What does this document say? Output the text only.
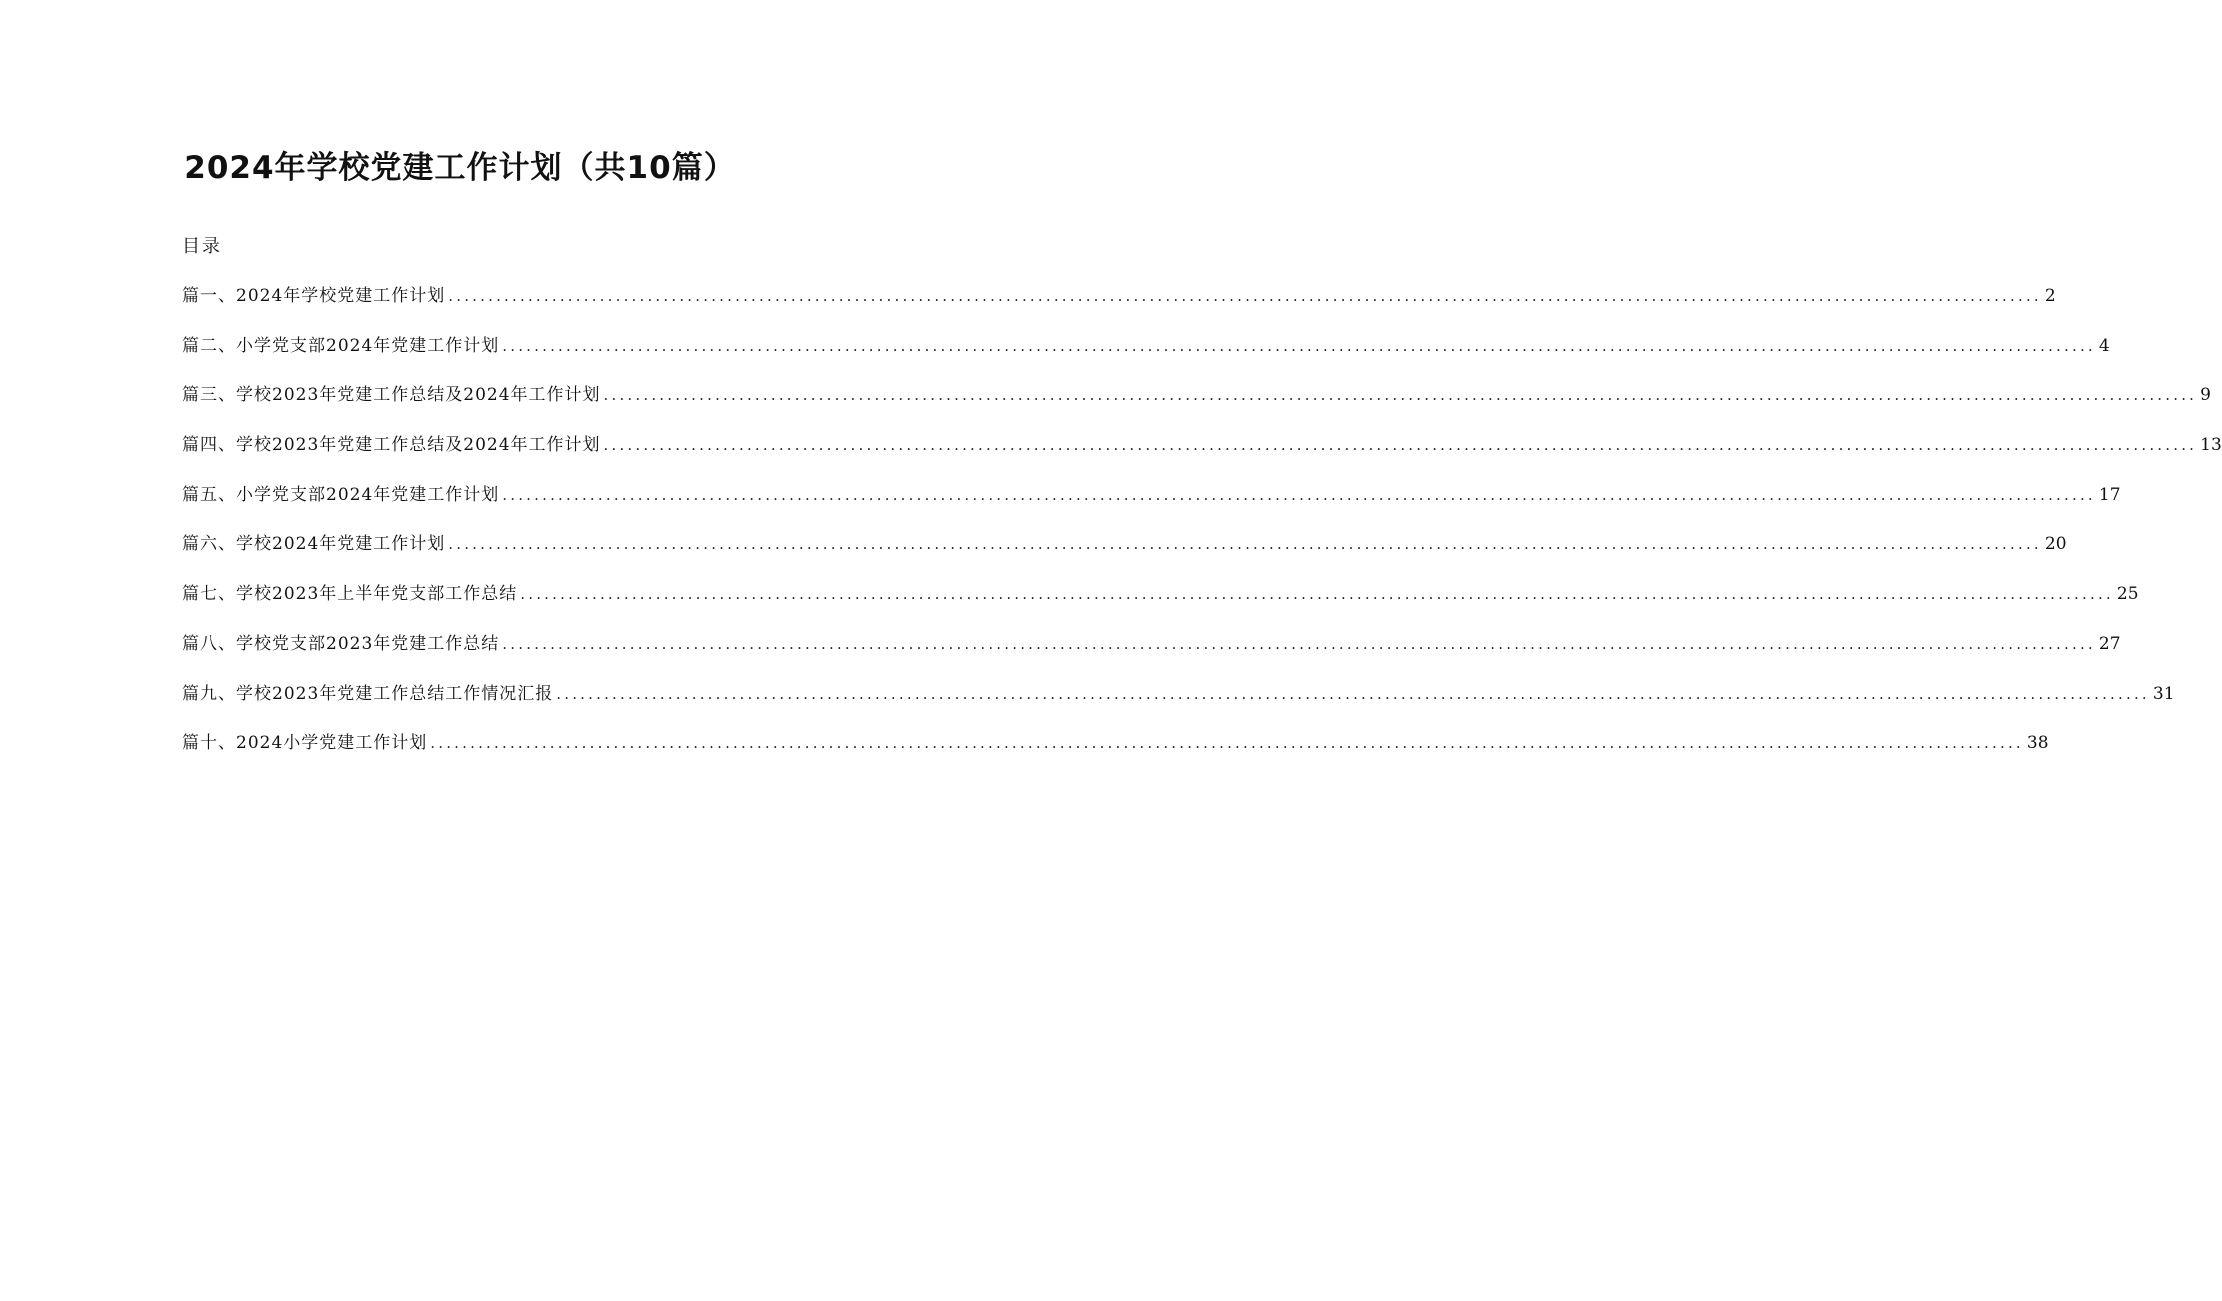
2024年学校党建工作计划（共10篇）
目录
篇一、2024年学校党建工作计划 ........................................................................................................................................................................................................ 2
篇二、小学党支部2024年党建工作计划 ........................................................................................................................................................................................................ 4
篇三、学校2023年党建工作总结及2024年工作计划 ........................................................................................................................................................................................................ 9
篇四、学校2023年党建工作总结及2024年工作计划 ........................................................................................................................................................................................................ 13
篇五、小学党支部2024年党建工作计划 ........................................................................................................................................................................................................ 17
篇六、学校2024年党建工作计划 ........................................................................................................................................................................................................ 20
篇七、学校2023年上半年党支部工作总结 ........................................................................................................................................................................................................ 25
篇八、学校党支部2023年党建工作总结 ........................................................................................................................................................................................................ 27
篇九、学校2023年党建工作总结工作情况汇报 ........................................................................................................................................................................................................ 31
篇十、2024小学党建工作计划 ........................................................................................................................................................................................................ 38
